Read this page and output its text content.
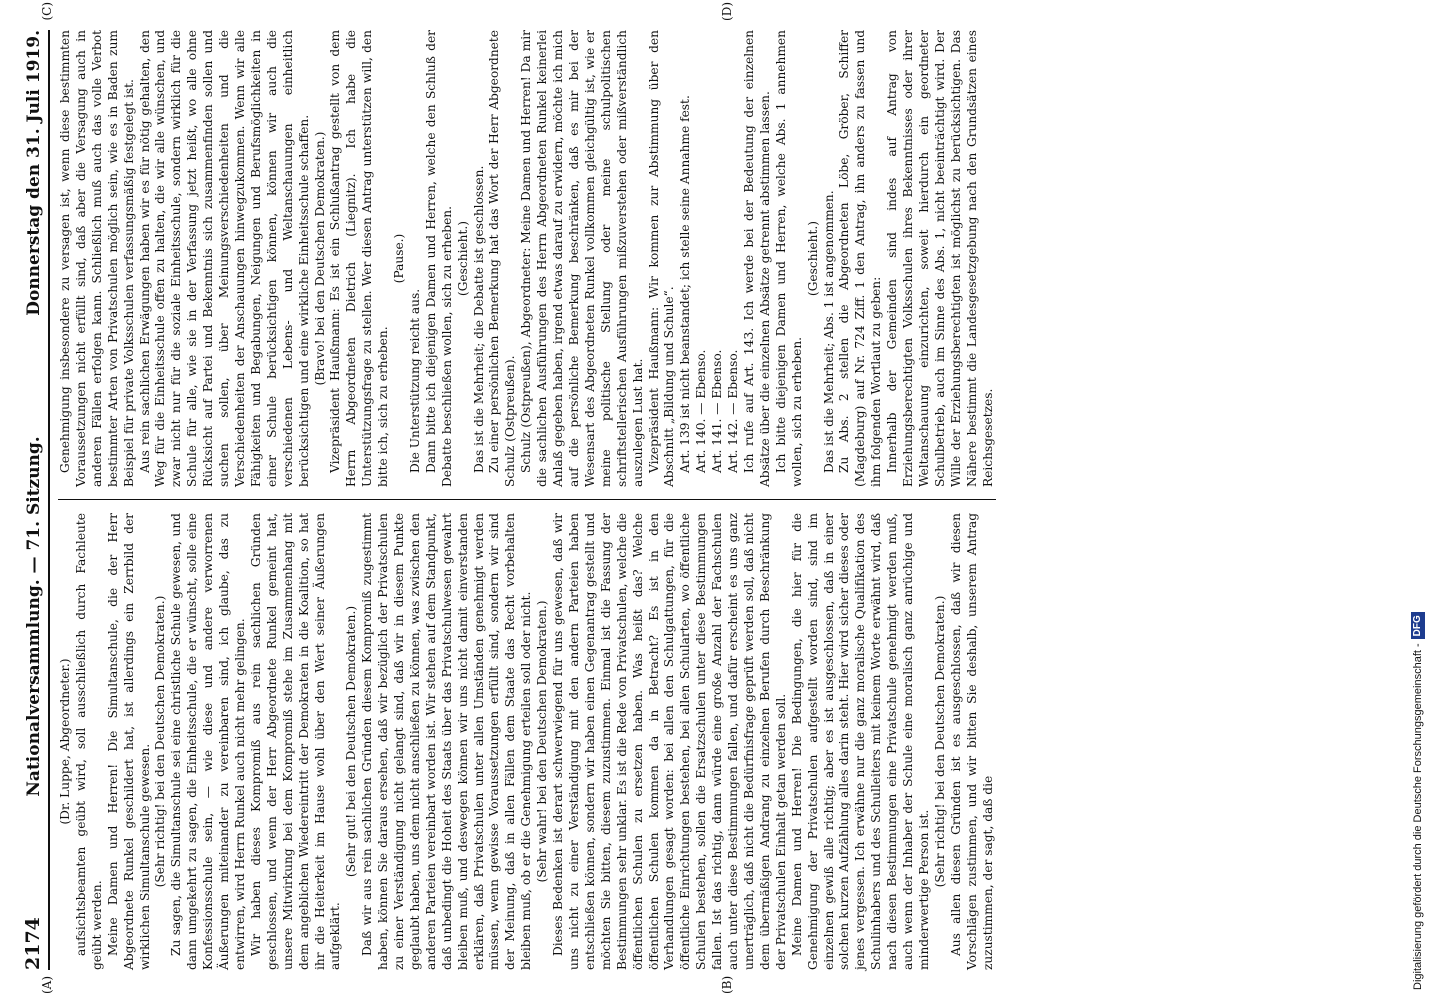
2174
Nationalversammlung. — 71. Sitzung.
Donnerstag den 31. Juli 1919.

(Dr. Luppe, Abgeordneter.) aufsichtsbeamten geübt wird, soll ausschließlich durch Fachleute geübt werden. Meine Damen und Herren! Die Simultanschule, die der Herr Abgeordnete Runkel geschildert hat, ist allerdings ein Zerrbild der wirklichen Simultanschule gewesen. (Sehr richtig! bei den Deutschen Demokraten.) Zu sagen, die Simultanschule sei eine christliche Schule gewesen, und dann umgekehrt zu sagen, die Einheitsschule, die er wünscht, solle eine Konfessionsschule sein, — wie diese und andere verworrenen Äußerungen miteinander zu vereinbaren sind, ich glaube, das zu entwirren, wird Herrn Runkel auch nicht mehr gelingen. Wir haben dieses Kompromiß aus rein sachlichen Gründen geschlossen, und wenn der Herr Abgeordnete Runkel gemeint hat, unsere Mitwirkung bei dem Kompromiß stehe im Zusammenhang mit dem angeblichen Wiedereintritt der Demokraten in die Koalition, so hat ihr die Heiterkeit im Hause wohl über den Wert seiner Äußerungen aufgeklärt.

(Sehr gut! bei den Deutschen Demokraten.) Daß wir aus rein sachlichen Gründen diesem Kompromiß zugestimmt haben, können Sie daraus ersehen, daß wir bezüglich der Privatschulen zu einer Verständigung nicht gelangt sind, daß wir in diesem Punkte geglaubt haben, uns dem nicht anschließen zu können, was zwischen den anderen Parteien vereinbart worden ist. Wir stehen auf dem Standpunkt, daß unbedingt die Hoheit des Staats über das Privatschulwesen gewahrt bleiben muß, und deswegen können wir uns nicht damit einverstanden erklären, daß Privatschulen unter allen Umständen genehmigt werden müssen, wenn gewisse Voraussetzungen erfüllt sind, sondern wir sind der Meinung, daß in allen Fällen dem Staate das Recht vorbehalten bleiben muß, ob er die Genehmigung erteilen soll oder nicht. (Sehr wahr! bei den Deutschen Demokraten.) Dieses Bedenken ist derart schwerwiegend für uns gewesen, daß wir uns nicht zu einer Verständigung mit den andern Parteien haben entschließen können, sondern wir haben einen Gegenantrag gestellt und möchten Sie bitten, diesem zuzustimmen. Einmal ist die Fassung der Bestimmungen sehr unklar. Es ist die Rede von Privatschulen, welche die öffentlichen Schulen zu ersetzen haben. Was heißt das? Welche öffentlichen Schulen kommen da in Betracht? Es ist in den Verhandlungen gesagt worden: bei allen den Schulgattungen, für die öffentliche Einrichtungen bestehen, bei allen Schularten, wo öffentliche Schulen bestehen, sollen die Ersatzschulen unter diese Bestimmungen fallen. Ist das richtig, dann würde eine große Anzahl der Fachschulen auch unter diese Bestimmungen fallen, und dafür erscheint es uns ganz unerträglich, daß nicht die Bedürfnisfrage geprüft werden soll, daß nicht dem übermäßigen Andrang zu einzelnen Berufen durch Beschränkung der Privatschulen Einhalt getan werden soll. Meine Damen und Herren! Die Bedingungen, die hier für die Genehmigung der Privatschulen aufgestellt worden sind, sind im einzelnen gewiß alle richtig; aber es ist ausgeschlossen, daß in einer solchen kurzen Aufzählung alles darin steht. Hier wird sicher dieses oder jenes vergessen. Ich erwähne nur die ganz moralische Qualifikation des Schulinhabers und des Schulleiters mit keinem Worte erwähnt wird, daß nach diesen Bestimmungen eine Privatschule genehmigt werden muß, auch wenn der Inhaber der Schule eine moralisch ganz anrüchige und minderwertige Person ist.

(Sehr richtig! bei den Deutschen Demokraten.) Aus allen diesen Gründen ist es ausgeschlossen, daß wir diesen Vorschlägen zustimmen, und wir bitten Sie deshalb, unserem Antrag zuzustimmen, der sagt, daß die

Genehmigung insbesondere zu versagen ist, wenn diese bestimmten Voraussetzungen nicht erfüllt sind, daß aber die Versagung auch in anderen Fällen erfolgen kann. Schließlich muß auch das volle Verbot bestimmter Arten von Privatschulen möglich sein, wie es in Baden zum Beispiel für private Volksschulen verfassungsmäßig festgelegt ist. Aus rein sachlichen Erwägungen haben wir es für nötig gehalten, den Weg für die Einheitsschule offen zu halten, die wir alle wünschen, und zwar nicht nur für die soziale Einheitsschule, sondern wirklich für die Schule für alle, wie sie in der Verfassung jetzt heißt, wo alle ohne Rücksicht auf Partei und Bekenntnis sich zusammenfinden sollen und suchen sollen, über Meinungsverschiedenheiten und die Verschiedenheiten der Anschauungen hinwegzukommen. Wenn wir alle Fähigkeiten und Begabungen, Neigungen und Berufsmöglichkeiten in einer Schule berücksichtigen können, können wir auch die verschiedenen Lebens- und Weltanschauungen einheitlich berücksichtigen und eine wirkliche Einheitsschule schaffen. (Bravo! bei den Deutschen Demokraten.) Vizepräsident Haußmann: Es ist ein Schlußantrag gestellt von dem Herrn Abgeordneten Dietrich (Liegnitz). Ich habe die Unterstützungsfrage zu stellen. Wer diesen Antrag unterstützen will, den bitte ich, sich zu erheben.

(Pause.)

Die Unterstützung reicht aus. Dann bitte ich diejenigen Damen und Herren, welche den Schluß der Debatte beschließen wollen, sich zu erheben. (Geschieht.) Das ist die Mehrheit; die Debatte ist geschlossen. Zu einer persönlichen Bemerkung hat das Wort der Herr Abgeordnete Schulz (Ostpreußen). Schulz (Ostpreußen), Abgeordneter: Meine Damen und Herren! Da mir die sachlichen Ausführungen des Herrn Abgeordneten Runkel keinerlei Anlaß gegeben haben, irgend etwas darauf zu erwidern, möchte ich mich auf die persönliche Bemerkung beschränken, daß es mir bei der Wesensart des Abgeordneten Runkel vollkommen gleichgültig ist, wie er meine politische Stellung oder meine schulpolitischen schriftstellerischen Ausführungen mißzuverstehen oder mißverständlich auszulegen Lust hat. Vizepräsident Haußmann: Wir kommen zur Abstimmung über den Abschnitt „Bildung und Schule“. Art. 139 ist nicht beanstandet; ich stelle seine Annahme fest. Art. 140. — Ebenso. Art. 141. — Ebenso. Art. 142. — Ebenso. Ich rufe auf Art. 143. Ich werde bei der Bedeutung der einzelnen Absätze über die einzelnen Absätze getrennt abstimmen lassen. Ich bitte diejenigen Damen und Herren, welche Abs. 1 annehmen wollen, sich zu erheben.

(Geschieht.) Das ist die Mehrheit; Abs. 1 ist angenommen. Zu Abs. 2 stellen die Abgeordneten Löbe, Gröber, Schiffer (Magdeburg) auf Nr. 724 Ziff. 1 den Antrag, ihn anders zu fassen und ihm folgenden Wortlaut zu geben: Innerhalb der Gemeinden sind indes auf Antrag von Erziehungsberechtigten Volksschulen ihres Bekenntnisses oder ihrer Weltanschauung einzurichten, soweit hierdurch ein geordneter Schulbetrieb, auch im Sinne des Abs. 1, nicht beeinträchtigt wird. Der Wille der Erziehungsberechtigten ist möglichst zu berücksichtigen. Das Nähere bestimmt die Landesgesetzgebung nach den Grundsätzen eines Reichsgesetzes.

(A)	(B)
(C)	(D)
Digitalisierung gefördert durch die Deutsche Forschungsgemeinschaft -
DFG
